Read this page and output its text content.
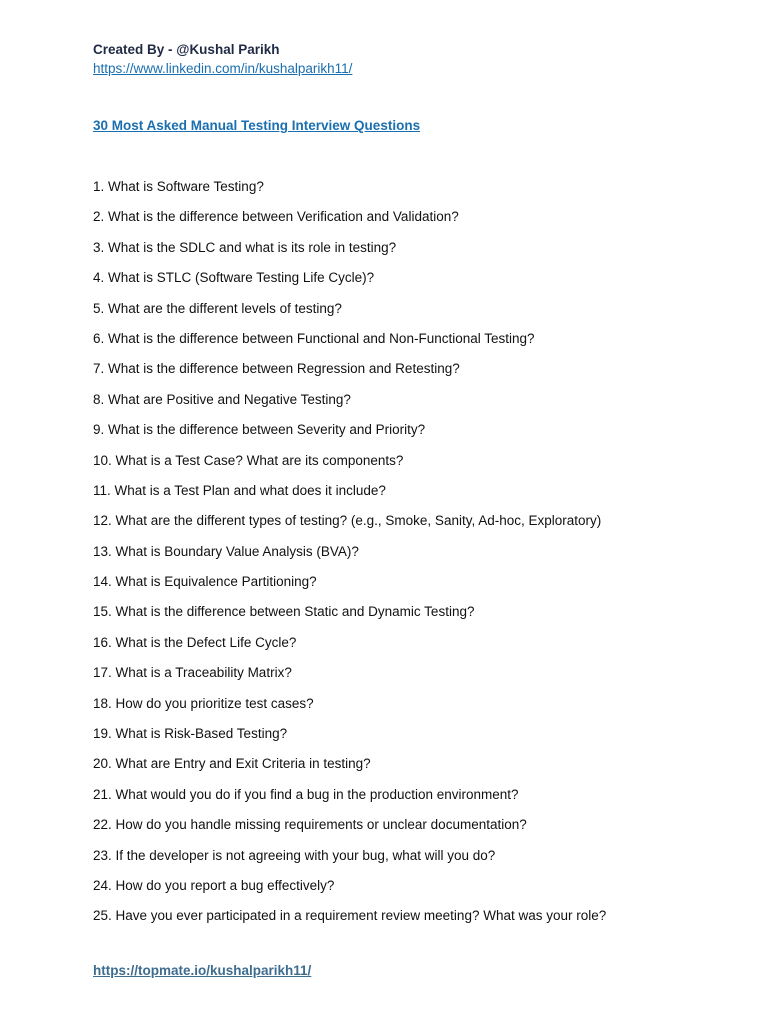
Created By - @Kushal Parikh
https://www.linkedin.com/in/kushalparikh11/
30 Most Asked Manual Testing Interview Questions
1. What is Software Testing?
2. What is the difference between Verification and Validation?
3. What is the SDLC and what is its role in testing?
4. What is STLC (Software Testing Life Cycle)?
5. What are the different levels of testing?
6. What is the difference between Functional and Non-Functional Testing?
7. What is the difference between Regression and Retesting?
8. What are Positive and Negative Testing?
9. What is the difference between Severity and Priority?
10. What is a Test Case? What are its components?
11. What is a Test Plan and what does it include?
12. What are the different types of testing? (e.g., Smoke, Sanity, Ad-hoc, Exploratory)
13. What is Boundary Value Analysis (BVA)?
14. What is Equivalence Partitioning?
15. What is the difference between Static and Dynamic Testing?
16. What is the Defect Life Cycle?
17. What is a Traceability Matrix?
18. How do you prioritize test cases?
19. What is Risk-Based Testing?
20. What are Entry and Exit Criteria in testing?
21. What would you do if you find a bug in the production environment?
22. How do you handle missing requirements or unclear documentation?
23. If the developer is not agreeing with your bug, what will you do?
24. How do you report a bug effectively?
25. Have you ever participated in a requirement review meeting? What was your role?
https://topmate.io/kushalparikh11/
